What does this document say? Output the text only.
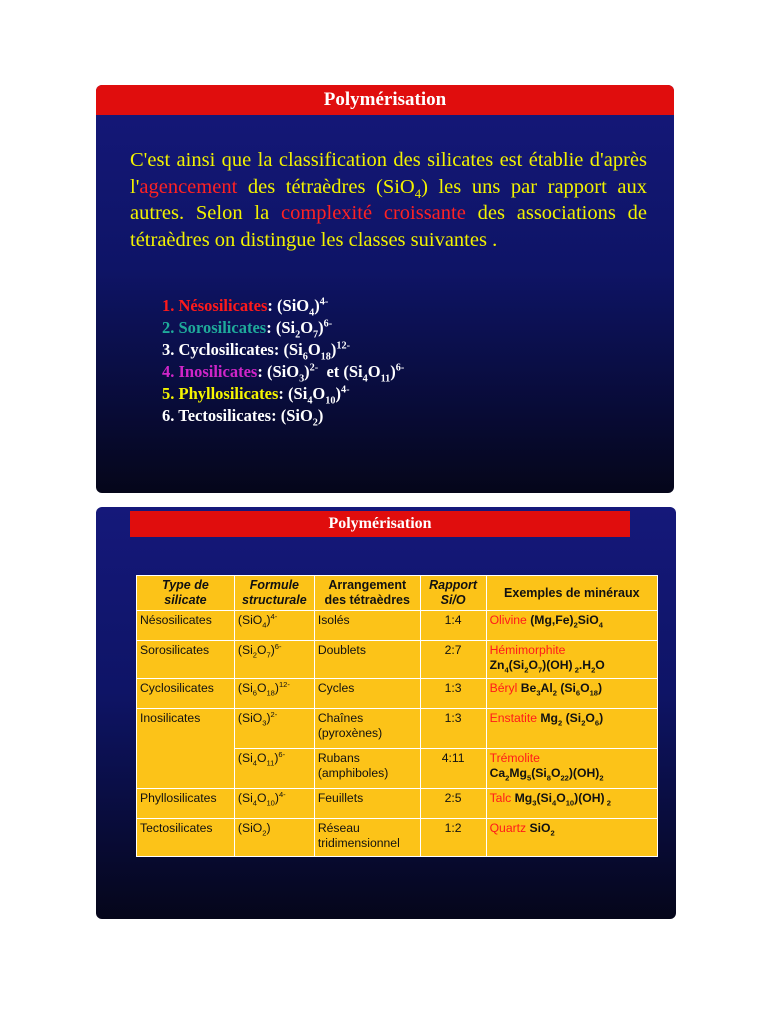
Polymérisation
C'est ainsi que la classification des silicates est établie d'après l'agencement des tétraèdres (SiO$_4$) les uns par rapport aux autres. Selon la complexité croissante des associations de tétraèdres on distingue les classes suivantes .
1. Nésosilicates: $(SiO_4)^{4-}$
2. Sorosilicates: $(Si_2O_7)^{6-}$
3. Cyclosilicates: $(Si_6O_{18})^{12-}$
4. Inosilicates: $(SiO_3)^{2-}$ et $(Si_4O_{11})^{6-}$
5. Phyllosilicates: $(Si_4O_{10})^{4-}$
6. Tectosilicates: (SiO$_2$)
Polymérisation
Type de silicate	Formule structurale	Arrangement des tétraèdres	Rapport Si/O	Exemples de minéraux
Nésosilicates	$(SiO_4)^{4-}$	Isolés	1:4	Olivine $(Mg,Fe)_2SiO_4$
Sorosilicates	$(Si_2O_7)^{6-}$	Doublets	2:7	Hémimorphite
$Zn_4(Si_2O_7)(OH)$ $_2.H_2O$
Cyclosilicates	$(Si_6O_{18})^{12-}$	Cycles	1:3	Béryl $Be_3Al_2$ $(Si_6O_{18})$
Inosilicates	$(SiO_3)^{2-}$	Chaînes (pyroxènes)	1:3	Enstatite $Mg_2$ $(Si_2O_6)$
	$(Si_4O_{11})^{6-}$	Rubans (amphiboles)	4:11	Trémolite
$Ca_2Mg_5(Si_8O_{22})(OH)_2$
Phyllosilicates	$(Si_4O_{10})^{4-}$	Feuillets	2:5	Talc $Mg_3(Si_4O_{10})(OH)$ $_2$
Tectosilicates	(SiO$_2$)	Réseau tridimensionnel	1:2	Quartz SiO$_2$
